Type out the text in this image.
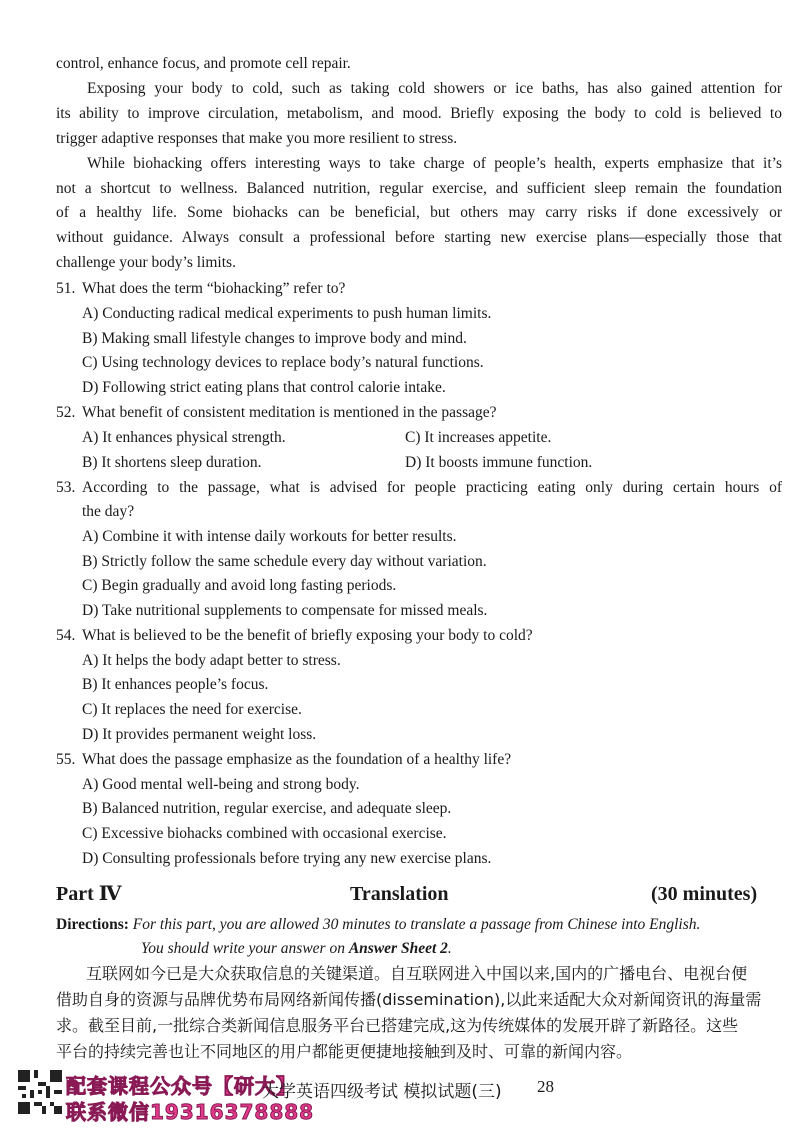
control, enhance focus, and promote cell repair.
Exposing your body to cold, such as taking cold showers or ice baths, has also gained attention for
its ability to improve circulation, metabolism, and mood. Briefly exposing the body to cold is believed to
trigger adaptive responses that make you more resilient to stress.
While biohacking offers interesting ways to take charge of people’s health, experts emphasize that it’s
not a shortcut to wellness. Balanced nutrition, regular exercise, and sufficient sleep remain the foundation
of a healthy life. Some biohacks can be beneficial, but others may carry risks if done excessively or
without guidance. Always consult a professional before starting new exercise plans—especially those that
challenge your body’s limits.
51. What does the term “biohacking” refer to?
A) Conducting radical medical experiments to push human limits.
B) Making small lifestyle changes to improve body and mind.
C) Using technology devices to replace body’s natural functions.
D) Following strict eating plans that control calorie intake.
52. What benefit of consistent meditation is mentioned in the passage?
A) It enhances physical strength.	C) It increases appetite.
B) It shortens sleep duration.	D) It boosts immune function.
53. According to the passage, what is advised for people practicing eating only during certain hours of
the day?
A) Combine it with intense daily workouts for better results.
B) Strictly follow the same schedule every day without variation.
C) Begin gradually and avoid long fasting periods.
D) Take nutritional supplements to compensate for missed meals.
54. What is believed to be the benefit of briefly exposing your body to cold?
A) It helps the body adapt better to stress.
B) It enhances people’s focus.
C) It replaces the need for exercise.
D) It provides permanent weight loss.
55. What does the passage emphasize as the foundation of a healthy life?
A) Good mental well-being and strong body.
B) Balanced nutrition, regular exercise, and adequate sleep.
C) Excessive biohacks combined with occasional exercise.
D) Consulting professionals before trying any new exercise plans.
Part Ⅳ	Translation	(30 minutes)
Directions: For this part, you are allowed 30 minutes to translate a passage from Chinese into English.
You should write your answer on Answer Sheet 2.
互联网如今已是大众获取信息的关键渠道。自互联网进入中国以来,国内的广播电台、电视台便
借助自身的资源与品牌优势布局网络新闻传播(dissemination),以此来适配大众对新闻资讯的海量需
求。截至目前,一批综合类新闻信息服务平台已搭建完成,这为传统媒体的发展开辟了新路径。这些
平台的持续完善也让不同地区的用户都能更便捷地接触到及时、可靠的新闻内容。
配套课程公众号【研大】
联系微信19316378888
大学英语四级考试 模拟试题(三) 28
